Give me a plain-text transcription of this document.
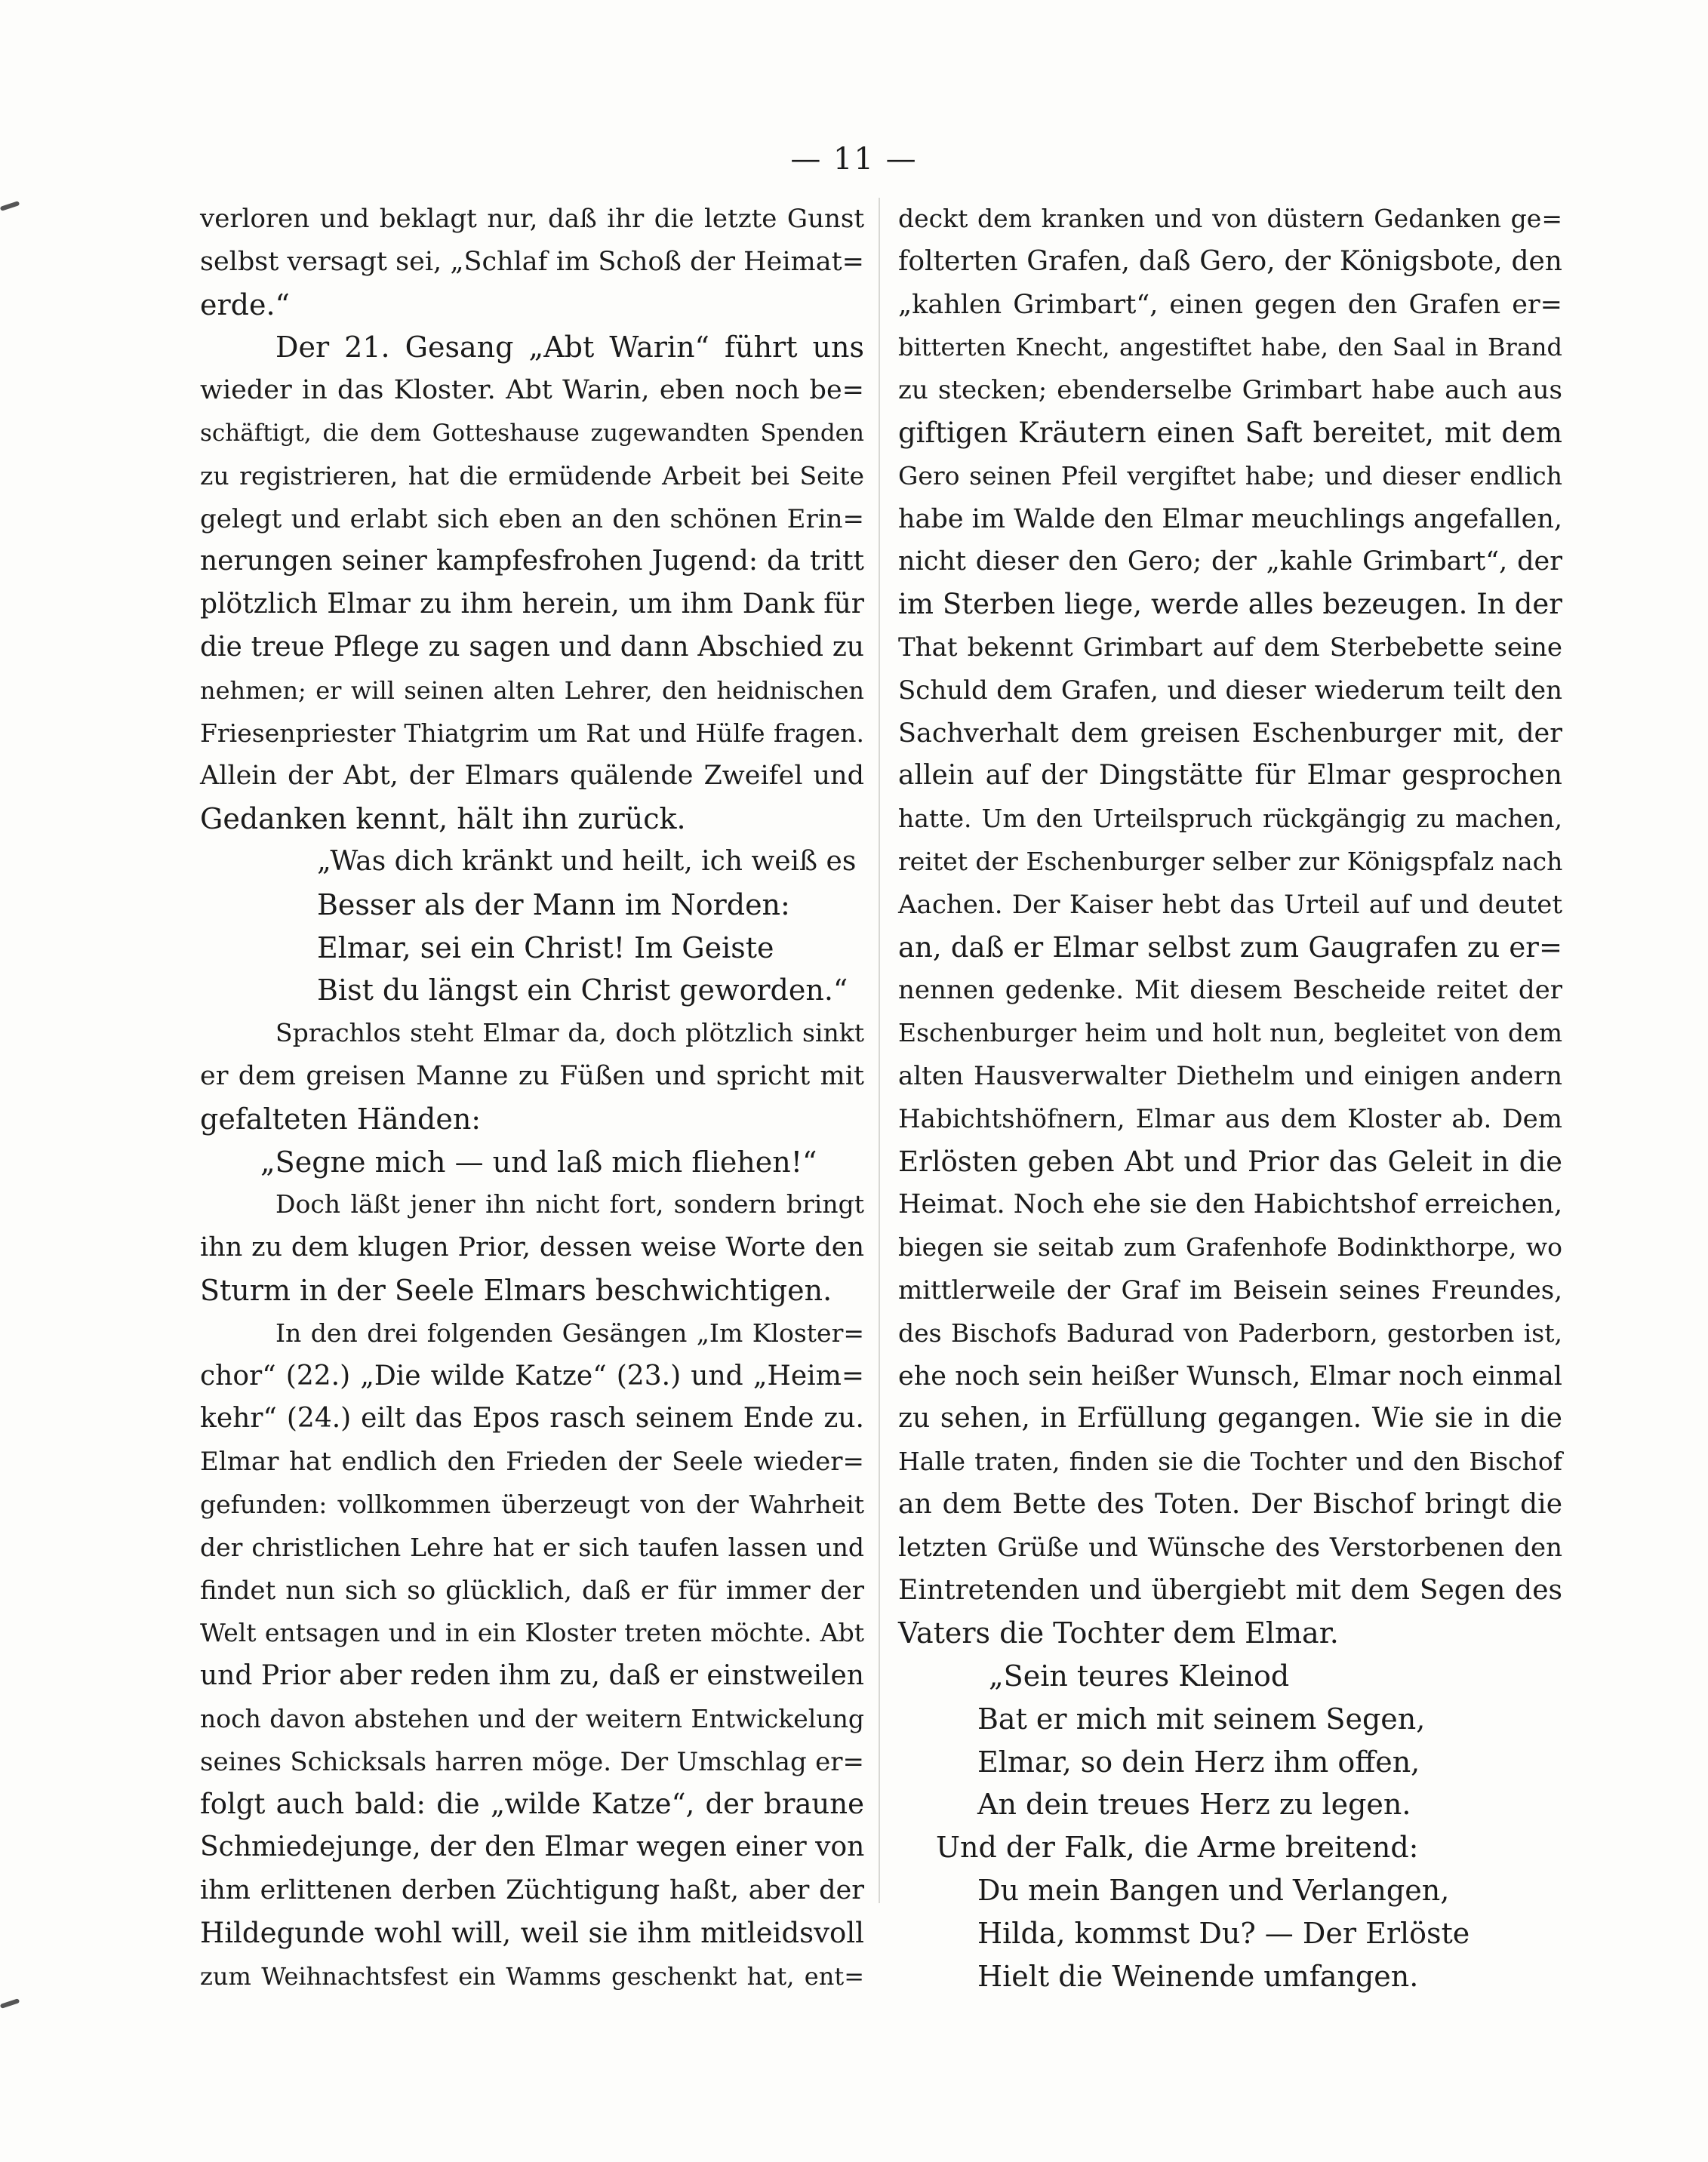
— 11 —
verloren und beklagt nur, daß ihr die letzte Gunst
selbst versagt sei, „Schlaf im Schoß der Heimat=
erde.“
Der 21. Gesang „Abt Warin“ führt uns
wieder in das Kloster. Abt Warin, eben noch be=
schäftigt, die dem Gotteshause zugewandten Spenden
zu registrieren, hat die ermüdende Arbeit bei Seite
gelegt und erlabt sich eben an den schönen Erin=
nerungen seiner kampfesfrohen Jugend: da tritt
plötzlich Elmar zu ihm herein, um ihm Dank für
die treue Pflege zu sagen und dann Abschied zu
nehmen; er will seinen alten Lehrer, den heidnischen
Friesenpriester Thiatgrim um Rat und Hülfe fragen.
Allein der Abt, der Elmars quälende Zweifel und
Gedanken kennt, hält ihn zurück.
„Was dich kränkt und heilt, ich weiß es
Besser als der Mann im Norden:
Elmar, sei ein Christ! Im Geiste
Bist du längst ein Christ geworden.“
Sprachlos steht Elmar da, doch plötzlich sinkt
er dem greisen Manne zu Füßen und spricht mit
gefalteten Händen:
„Segne mich — und laß mich fliehen!“
Doch läßt jener ihn nicht fort, sondern bringt
ihn zu dem klugen Prior, dessen weise Worte den
Sturm in der Seele Elmars beschwichtigen.
In den drei folgenden Gesängen „Im Kloster=
chor“ (22.) „Die wilde Katze“ (23.) und „Heim=
kehr“ (24.) eilt das Epos rasch seinem Ende zu.
Elmar hat endlich den Frieden der Seele wieder=
gefunden: vollkommen überzeugt von der Wahrheit
der christlichen Lehre hat er sich taufen lassen und
findet nun sich so glücklich, daß er für immer der
Welt entsagen und in ein Kloster treten möchte. Abt
und Prior aber reden ihm zu, daß er einstweilen
noch davon abstehen und der weitern Entwickelung
seines Schicksals harren möge. Der Umschlag er=
folgt auch bald: die „wilde Katze“, der braune
Schmiedejunge, der den Elmar wegen einer von
ihm erlittenen derben Züchtigung haßt, aber der
Hildegunde wohl will, weil sie ihm mitleidsvoll
zum Weihnachtsfest ein Wamms geschenkt hat, ent=
deckt dem kranken und von düstern Gedanken ge=
folterten Grafen, daß Gero, der Königsbote, den
„kahlen Grimbart“, einen gegen den Grafen er=
bitterten Knecht, angestiftet habe, den Saal in Brand
zu stecken; ebenderselbe Grimbart habe auch aus
giftigen Kräutern einen Saft bereitet, mit dem
Gero seinen Pfeil vergiftet habe; und dieser endlich
habe im Walde den Elmar meuchlings angefallen,
nicht dieser den Gero; der „kahle Grimbart“, der
im Sterben liege, werde alles bezeugen. In der
That bekennt Grimbart auf dem Sterbebette seine
Schuld dem Grafen, und dieser wiederum teilt den
Sachverhalt dem greisen Eschenburger mit, der
allein auf der Dingstätte für Elmar gesprochen
hatte. Um den Urteilspruch rückgängig zu machen,
reitet der Eschenburger selber zur Königspfalz nach
Aachen. Der Kaiser hebt das Urteil auf und deutet
an, daß er Elmar selbst zum Gaugrafen zu er=
nennen gedenke. Mit diesem Bescheide reitet der
Eschenburger heim und holt nun, begleitet von dem
alten Hausverwalter Diethelm und einigen andern
Habichtshöfnern, Elmar aus dem Kloster ab. Dem
Erlösten geben Abt und Prior das Geleit in die
Heimat. Noch ehe sie den Habichtshof erreichen,
biegen sie seitab zum Grafenhofe Bodinkthorpe, wo
mittlerweile der Graf im Beisein seines Freundes,
des Bischofs Badurad von Paderborn, gestorben ist,
ehe noch sein heißer Wunsch, Elmar noch einmal
zu sehen, in Erfüllung gegangen. Wie sie in die
Halle traten, finden sie die Tochter und den Bischof
an dem Bette des Toten. Der Bischof bringt die
letzten Grüße und Wünsche des Verstorbenen den
Eintretenden und übergiebt mit dem Segen des
Vaters die Tochter dem Elmar.
„Sein teures Kleinod
Bat er mich mit seinem Segen,
Elmar, so dein Herz ihm offen,
An dein treues Herz zu legen.
Und der Falk, die Arme breitend:
Du mein Bangen und Verlangen,
Hilda, kommst Du? — Der Erlöste
Hielt die Weinende umfangen.
